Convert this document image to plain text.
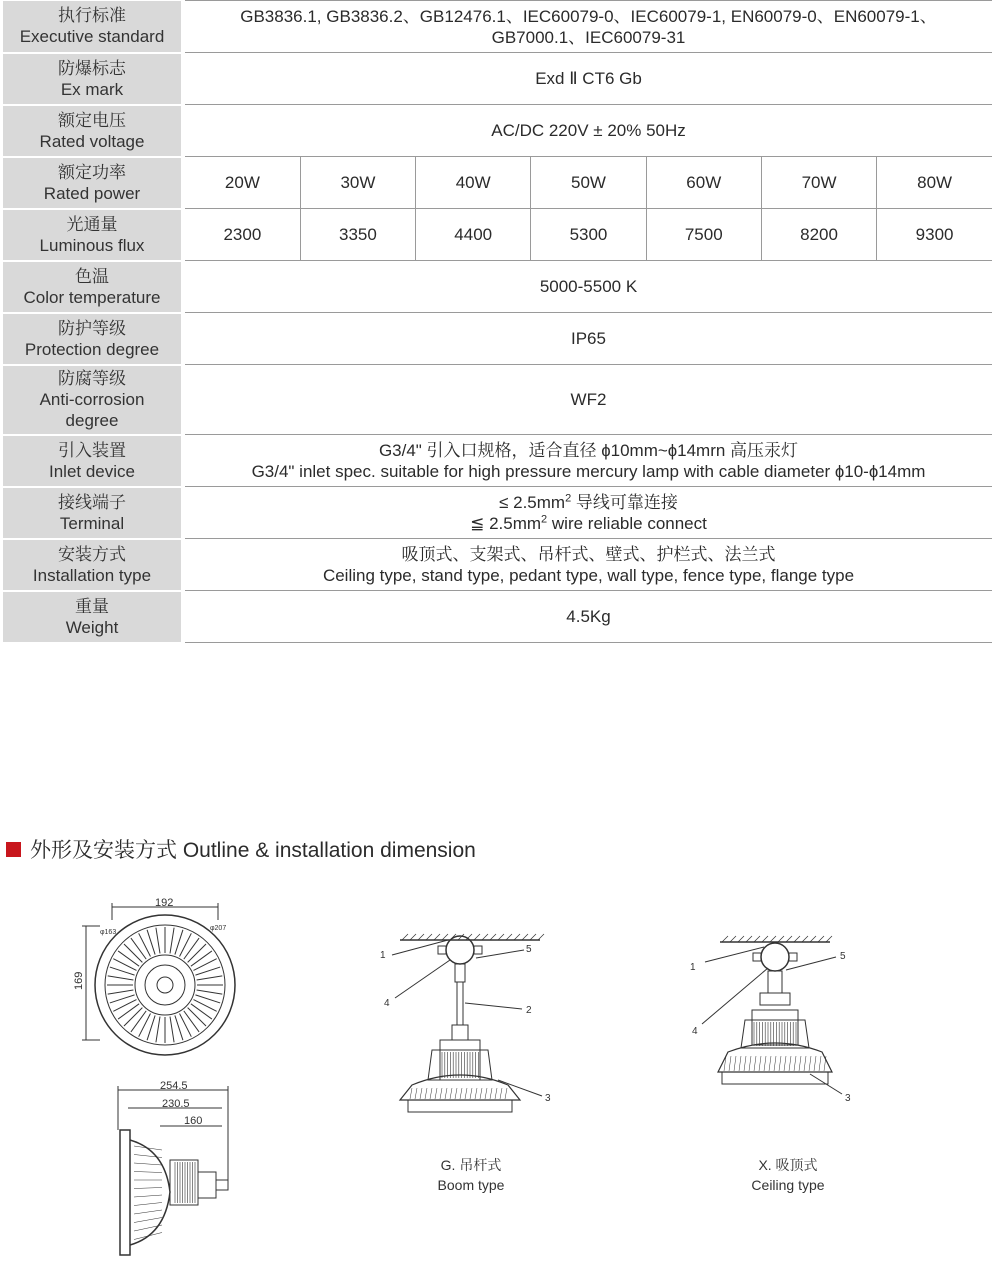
执行标准
Executive standard		GB3836.1, GB3836.2、GB12476.1、IEC60079-0、IEC60079-1, EN60079-0、EN60079-1、
GB7000.1、IEC60079-31						
防爆标志
Ex mark		Exd Ⅱ CT6 Gb						
额定电压
Rated voltage		AC/DC 220V ± 20% 50Hz						
额定功率
Rated power		20W	30W	40W	50W	60W	70W	80W
光通量
Luminous flux		2300	3350	4400	5300	7500	8200	9300
色温
Color temperature		5000-5500 K						
防护等级
Protection degree		IP65						
防腐等级
Anti-corrosion
degree		WF2						
引入装置
Inlet device		G3/4" 引入口规格，适合直径 ɸ10mm~ɸ14mrn 高压汞灯
G3/4" inlet spec. suitable for high pressure mercury lamp with cable diameter ɸ10-ɸ14mm						
接线端子
Terminal		≤ $2.5mm^2$ 导线可靠连接
≦ $2.5mm^2$ wire reliable connect						
安装方式
Installation type		吸顶式、支架式、吊杆式、壁式、护栏式、法兰式
Ceiling type, stand type, pedant type, wall type, fence type, flange type						
重量
Weight		4.5Kg						
外形及安装方式 Outline & installation dimension
192
169
φ163
φ207
254.5
230.5
160
1
5
4
2
3
1
5
4
3
G. 吊杆式
Boom type
X. 吸顶式
Ceiling type
